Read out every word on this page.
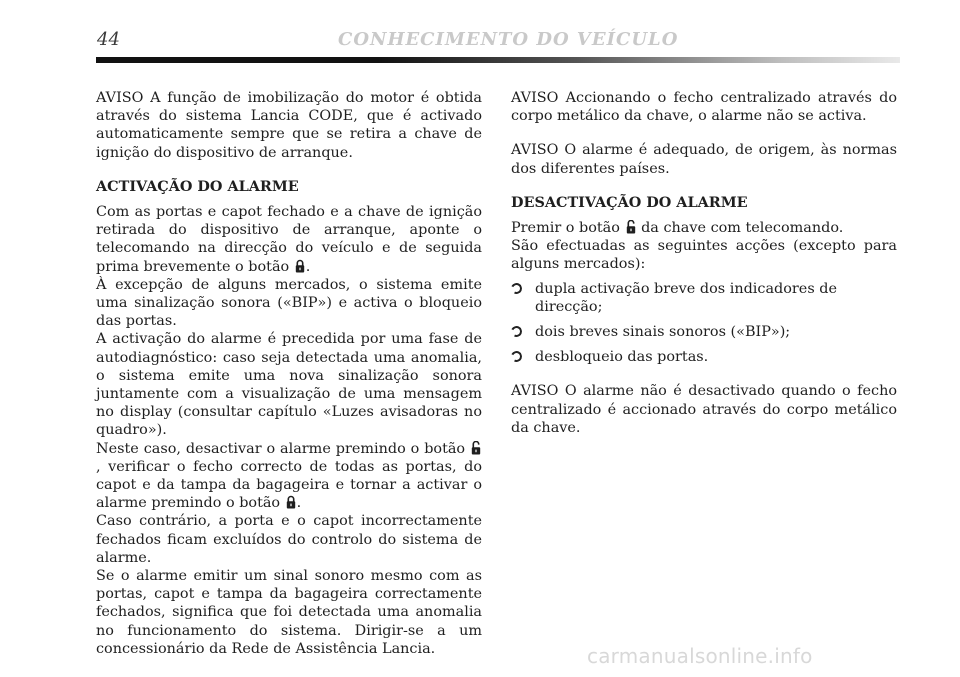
44	CONHECIMENTO DO VEÍCULO

AVISO A função de imobilização do motor é obtida através do sistema Lancia CODE, que é activado automaticamente sempre que se retira a chave de ignição do dispositivo de arranque.

ACTIVAÇÃO DO ALARME

Com as portas e capot fechado e a chave de ignição retirada do dispositivo de arranque, aponte o telecomando na direcção do veículo e de seguida prima brevemente o botão .

À excepção de alguns mercados, o sistema emite uma sinalização sonora («BIP») e activa o bloqueio das portas.

A activação do alarme é precedida por uma fase de autodiagnóstico: caso seja detectada uma anomalia, o sistema emite uma nova sinalização sonora juntamente com a visualização de uma mensagem no display (consultar capítulo «Luzes avisadoras no quadro»).

Neste caso, desactivar o alarme premindo o botão , verificar o fecho correcto de todas as portas, do capot e da tampa da bagageira e tornar a activar o alarme premindo o botão .

Caso contrário, a porta e o capot incorrectamente fechados ficam excluídos do controlo do sistema de alarme.

Se o alarme emitir um sinal sonoro mesmo com as portas, capot e tampa da bagageira correctamente fechados, significa que foi detectada uma anomalia no funcionamento do sistema. Dirigir-se a um concessionário da Rede de Assistência Lancia.

AVISO Accionando o fecho centralizado através do corpo metálico da chave, o alarme não se activa.

AVISO O alarme é adequado, de origem, às normas dos diferentes países.

DESACTIVAÇÃO DO ALARME

Premir o botão  da chave com telecomando.

São efectuadas as seguintes acções (excepto para alguns mercados):

dupla activação breve dos indicadores de direcção;
dois breves sinais sonoros («BIP»);
desbloqueio das portas.

AVISO O alarme não é desactivado quando o fecho centralizado é accionado através do corpo metálico da chave.

carmanualsonline.info
